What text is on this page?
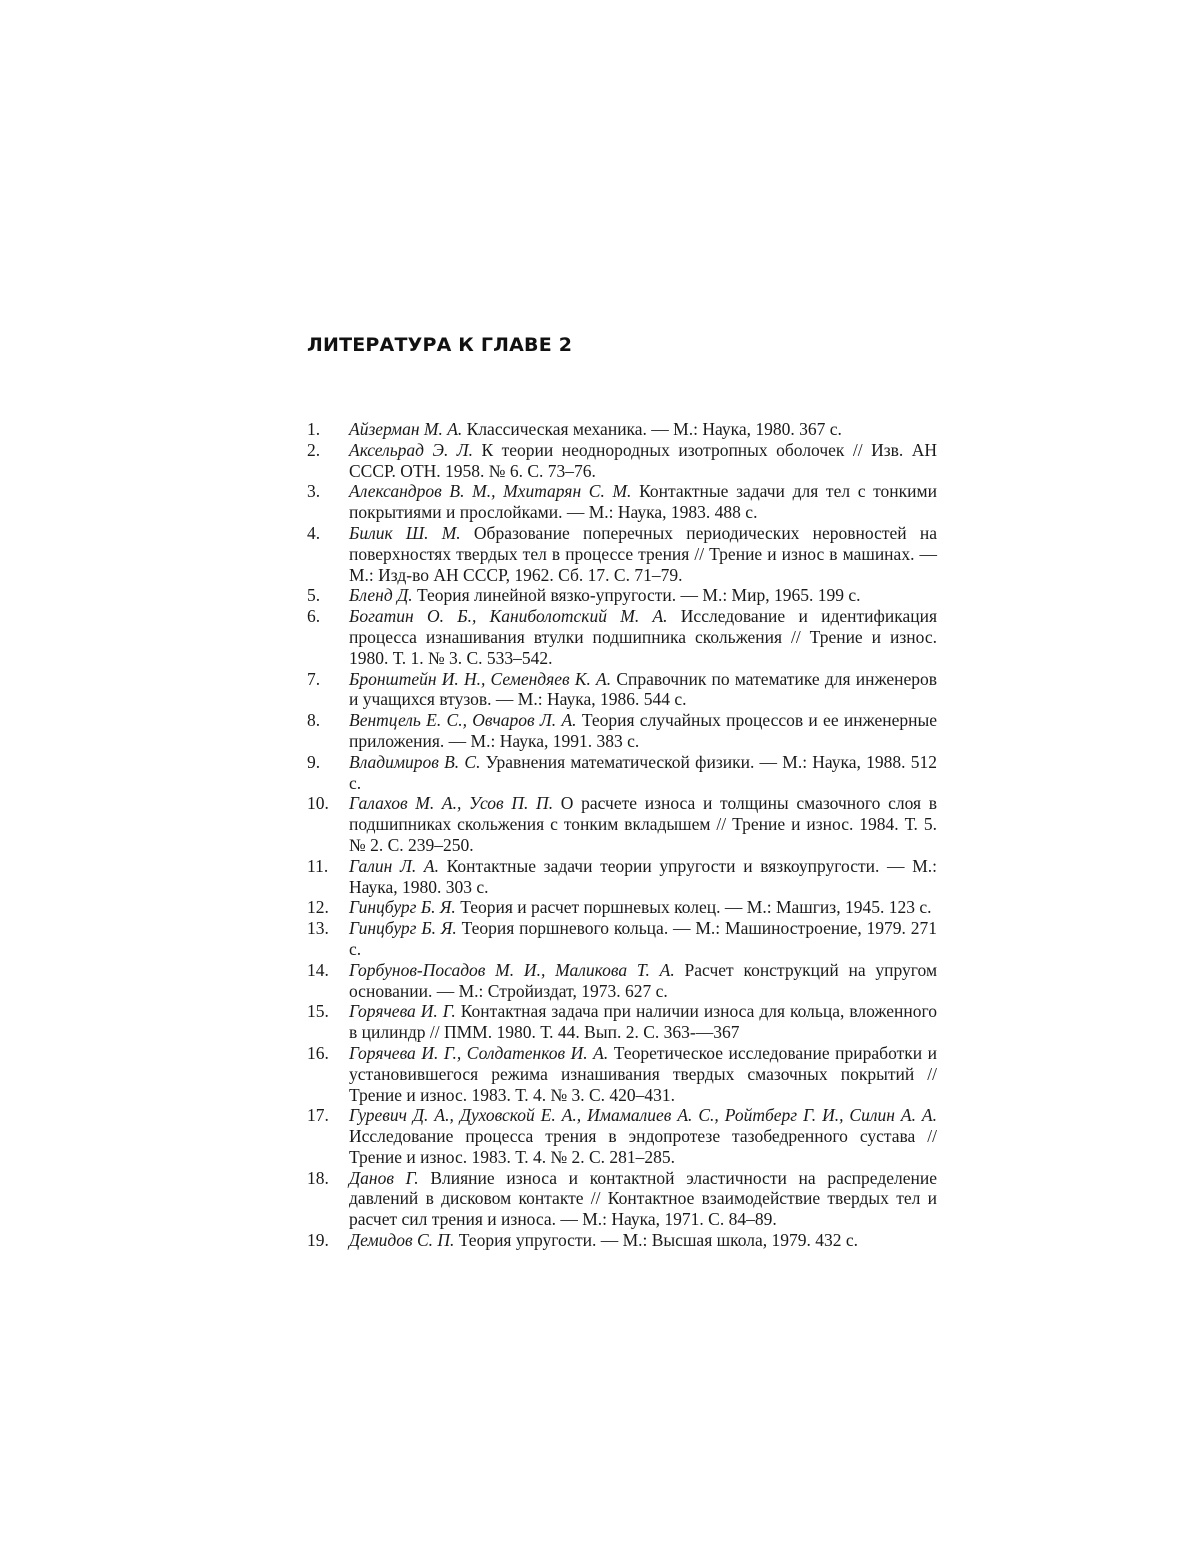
ЛИТЕРАТУРА К ГЛАВЕ 2
1.	Айзерман М. А. Классическая механика. — М.: Наука, 1980. 367 с.
2.	Аксельрад Э. Л. К теории неоднородных изотропных оболочек // Изв. АН СССР. ОТН. 1958. № 6. С. 73–76.
3.	Александров В. М., Мхитарян С. М. Контактные задачи для тел с тонкими покрытиями и прослойками. — М.: Наука, 1983. 488 с.
4.	Билик Ш. М. Образование поперечных периодических неровностей на поверхностях твердых тел в процессе трения // Трение и износ в машинах. — М.: Изд-во АН СССР, 1962. Сб. 17. С. 71–79.
5.	Бленд Д. Теория линейной вязко-упругости. — М.: Мир, 1965. 199 с.
6.	Богатин О. Б., Каниболотский М. А. Исследование и идентификация процесса изнашивания втулки подшипника скольжения // Трение и износ. 1980. Т. 1. № 3. С. 533–542.
7.	Бронштейн И. Н., Семендяев К. А. Справочник по математике для инженеров и учащихся втузов. — М.: Наука, 1986. 544 с.
8.	Вентцель Е. С., Овчаров Л. А. Теория случайных процессов и ее инженерные приложения. — М.: Наука, 1991. 383 с.
9.	Владимиров В. С. Уравнения математической физики. — М.: Наука, 1988. 512 с.
10.	Галахов М. А., Усов П. П. О расчете износа и толщины смазочного слоя в подшипниках скольжения с тонким вкладышем // Трение и износ. 1984. Т. 5. № 2. С. 239–250.
11.	Галин Л. А. Контактные задачи теории упругости и вязкоупругости. — М.: Наука, 1980. 303 с.
12.	Гинцбург Б. Я. Теория и расчет поршневых колец. — М.: Машгиз, 1945. 123 с.
13.	Гинцбург Б. Я. Теория поршневого кольца. — М.: Машиностроение, 1979. 271 с.
14.	Горбунов-Посадов М. И., Маликова Т. А. Расчет конструкций на упругом основании. — М.: Стройиздат, 1973. 627 с.
15.	Горячева И. Г. Контактная задача при наличии износа для кольца, вложенного в цилиндр // ПММ. 1980. Т. 44. Вып. 2. С. 363-—367
16.	Горячева И. Г., Солдатенков И. А. Теоретическое исследование приработки и установившегося режима изнашивания твердых смазочных покрытий // Трение и износ. 1983. Т. 4. № 3. С. 420–431.
17.	Гуревич Д. А., Духовской Е. А., Имамалиев А. С., Ройтберг Г. И., Силин А. А. Исследование процесса трения в эндопротезе тазобедренного сустава // Трение и износ. 1983. Т. 4. № 2. С. 281–285.
18.	Данов Г. Влияние износа и контактной эластичности на распределение давлений в дисковом контакте // Контактное взаимодействие твердых тел и расчет сил трения и износа. — М.: Наука, 1971. С. 84–89.
19.	Демидов С. П. Теория упругости. — М.: Высшая школа, 1979. 432 с.
